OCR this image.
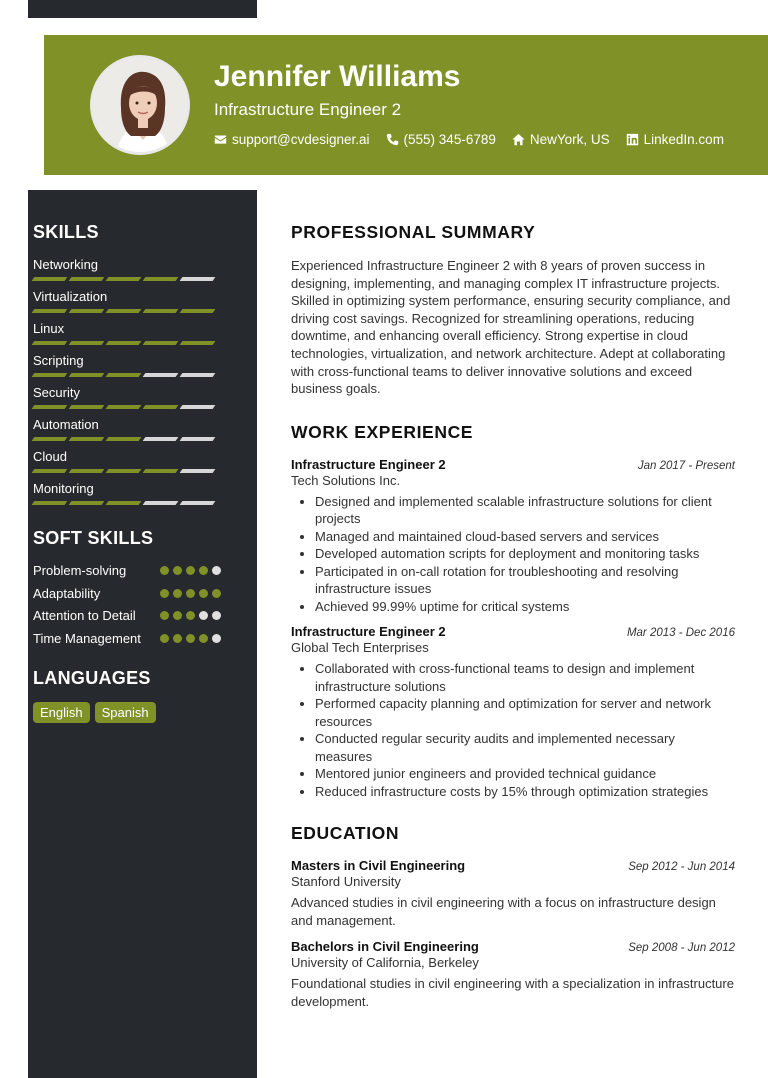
Jennifer Williams
Infrastructure Engineer 2
support@cvdesigner.ai	(555) 345-6789	NewYork, US	LinkedIn.com
SKILLS
Networking
Virtualization
Linux
Scripting
Security
Automation
Cloud
Monitoring
SOFT SKILLS
Problem-solving
Adaptability
Attention to Detail
Time Management
LANGUAGES
English	Spanish
PROFESSIONAL SUMMARY

Experienced Infrastructure Engineer 2 with 8 years of proven success in designing, implementing, and managing complex IT infrastructure projects. Skilled in optimizing system performance, ensuring security compliance, and driving cost savings. Recognized for streamlining operations, reducing downtime, and enhancing overall efficiency. Strong expertise in cloud technologies, virtualization, and network architecture. Adept at collaborating with cross-functional teams to deliver innovative solutions and exceed business goals.

WORK EXPERIENCE
Infrastructure Engineer 2	Jan 2017 - Present
Tech Solutions Inc.
Designed and implemented scalable infrastructure solutions for client projects
Managed and maintained cloud-based servers and services
Developed automation scripts for deployment and monitoring tasks
Participated in on-call rotation for troubleshooting and resolving infrastructure issues
Achieved 99.99% uptime for critical systems
Infrastructure Engineer 2	Mar 2013 - Dec 2016
Global Tech Enterprises
Collaborated with cross-functional teams to design and implement infrastructure solutions
Performed capacity planning and optimization for server and network resources
Conducted regular security audits and implemented necessary measures
Mentored junior engineers and provided technical guidance
Reduced infrastructure costs by 15% through optimization strategies
EDUCATION
Masters in Civil Engineering	Sep 2012 - Jun 2014
Stanford University
Advanced studies in civil engineering with a focus on infrastructure design and management.
Bachelors in Civil Engineering	Sep 2008 - Jun 2012
University of California, Berkeley
Foundational studies in civil engineering with a specialization in infrastructure development.
